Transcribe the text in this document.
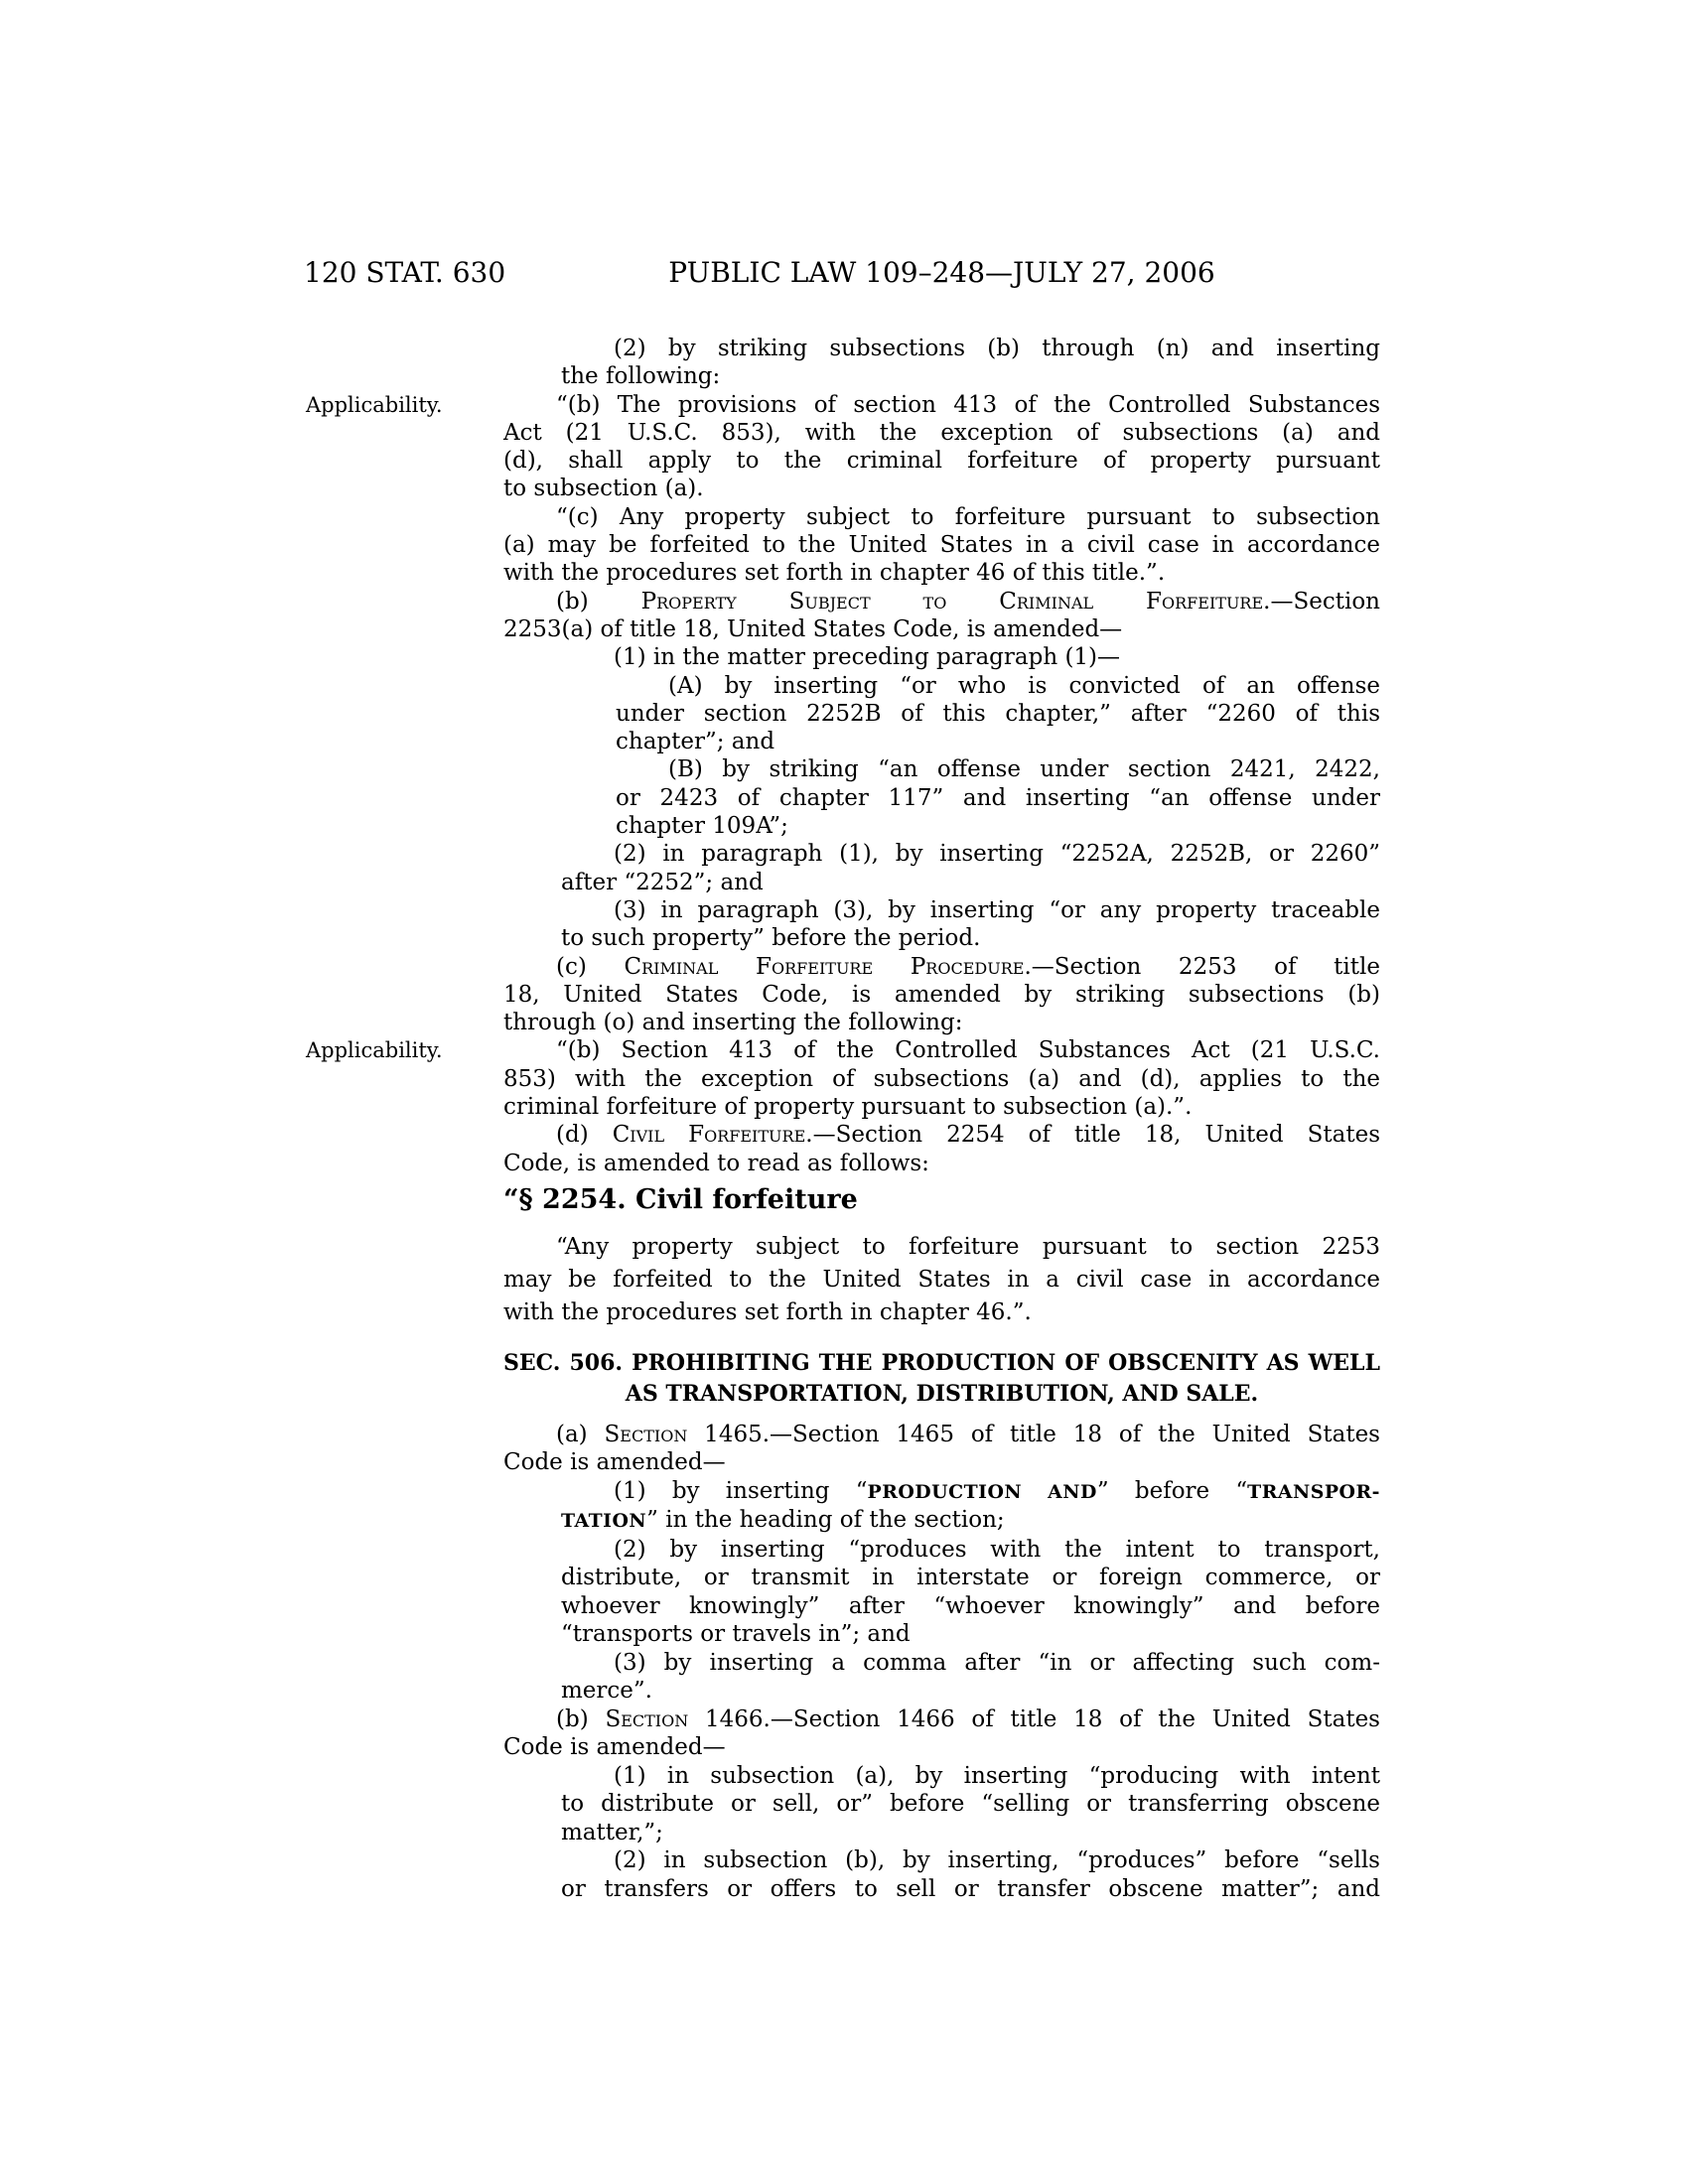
120 STAT. 630	PUBLIC LAW 109–248—JULY 27, 2006
Applicability.
Applicability.
(2) by striking subsections (b) through (n) and inserting
the following:
“(b) The provisions of section 413 of the Controlled Substances
Act (21 U.S.C. 853), with the exception of subsections (a) and
(d), shall apply to the criminal forfeiture of property pursuant
to subsection (a).
“(c) Any property subject to forfeiture pursuant to subsection
(a) may be forfeited to the United States in a civil case in accordance
with the procedures set forth in chapter 46 of this title.”.
(b) Property Subject to Criminal Forfeiture.—Section
2253(a) of title 18, United States Code, is amended—
(1) in the matter preceding paragraph (1)—
(A) by inserting “or who is convicted of an offense
under section 2252B of this chapter,” after “2260 of this
chapter”; and
(B) by striking “an offense under section 2421, 2422,
or 2423 of chapter 117” and inserting “an offense under
chapter 109A”;
(2) in paragraph (1), by inserting “2252A, 2252B, or 2260”
after “2252”; and
(3) in paragraph (3), by inserting “or any property traceable
to such property” before the period.
(c) Criminal Forfeiture Procedure.—Section 2253 of title
18, United States Code, is amended by striking subsections (b)
through (o) and inserting the following:
“(b) Section 413 of the Controlled Substances Act (21 U.S.C.
853) with the exception of subsections (a) and (d), applies to the
criminal forfeiture of property pursuant to subsection (a).”.
(d) Civil Forfeiture.—Section 2254 of title 18, United States
Code, is amended to read as follows:
“§ 2254. Civil forfeiture
“Any property subject to forfeiture pursuant to section 2253
may be forfeited to the United States in a civil case in accordance
with the procedures set forth in chapter 46.”.
SEC. 506. PROHIBITING THE PRODUCTION OF OBSCENITY AS WELL
AS TRANSPORTATION, DISTRIBUTION, AND SALE.
(a) Section 1465.—Section 1465 of title 18 of the United States
Code is amended—
(1) by inserting “PRODUCTION AND” before “TRANSPOR-
TATION” in the heading of the section;
(2) by inserting “produces with the intent to transport,
distribute, or transmit in interstate or foreign commerce, or
whoever knowingly” after “whoever knowingly” and before
“transports or travels in”; and
(3) by inserting a comma after “in or affecting such com-
merce”.
(b) Section 1466.—Section 1466 of title 18 of the United States
Code is amended—
(1) in subsection (a), by inserting “producing with intent
to distribute or sell, or” before “selling or transferring obscene
matter,”;
(2) in subsection (b), by inserting, “produces” before “sells
or transfers or offers to sell or transfer obscene matter”; and
